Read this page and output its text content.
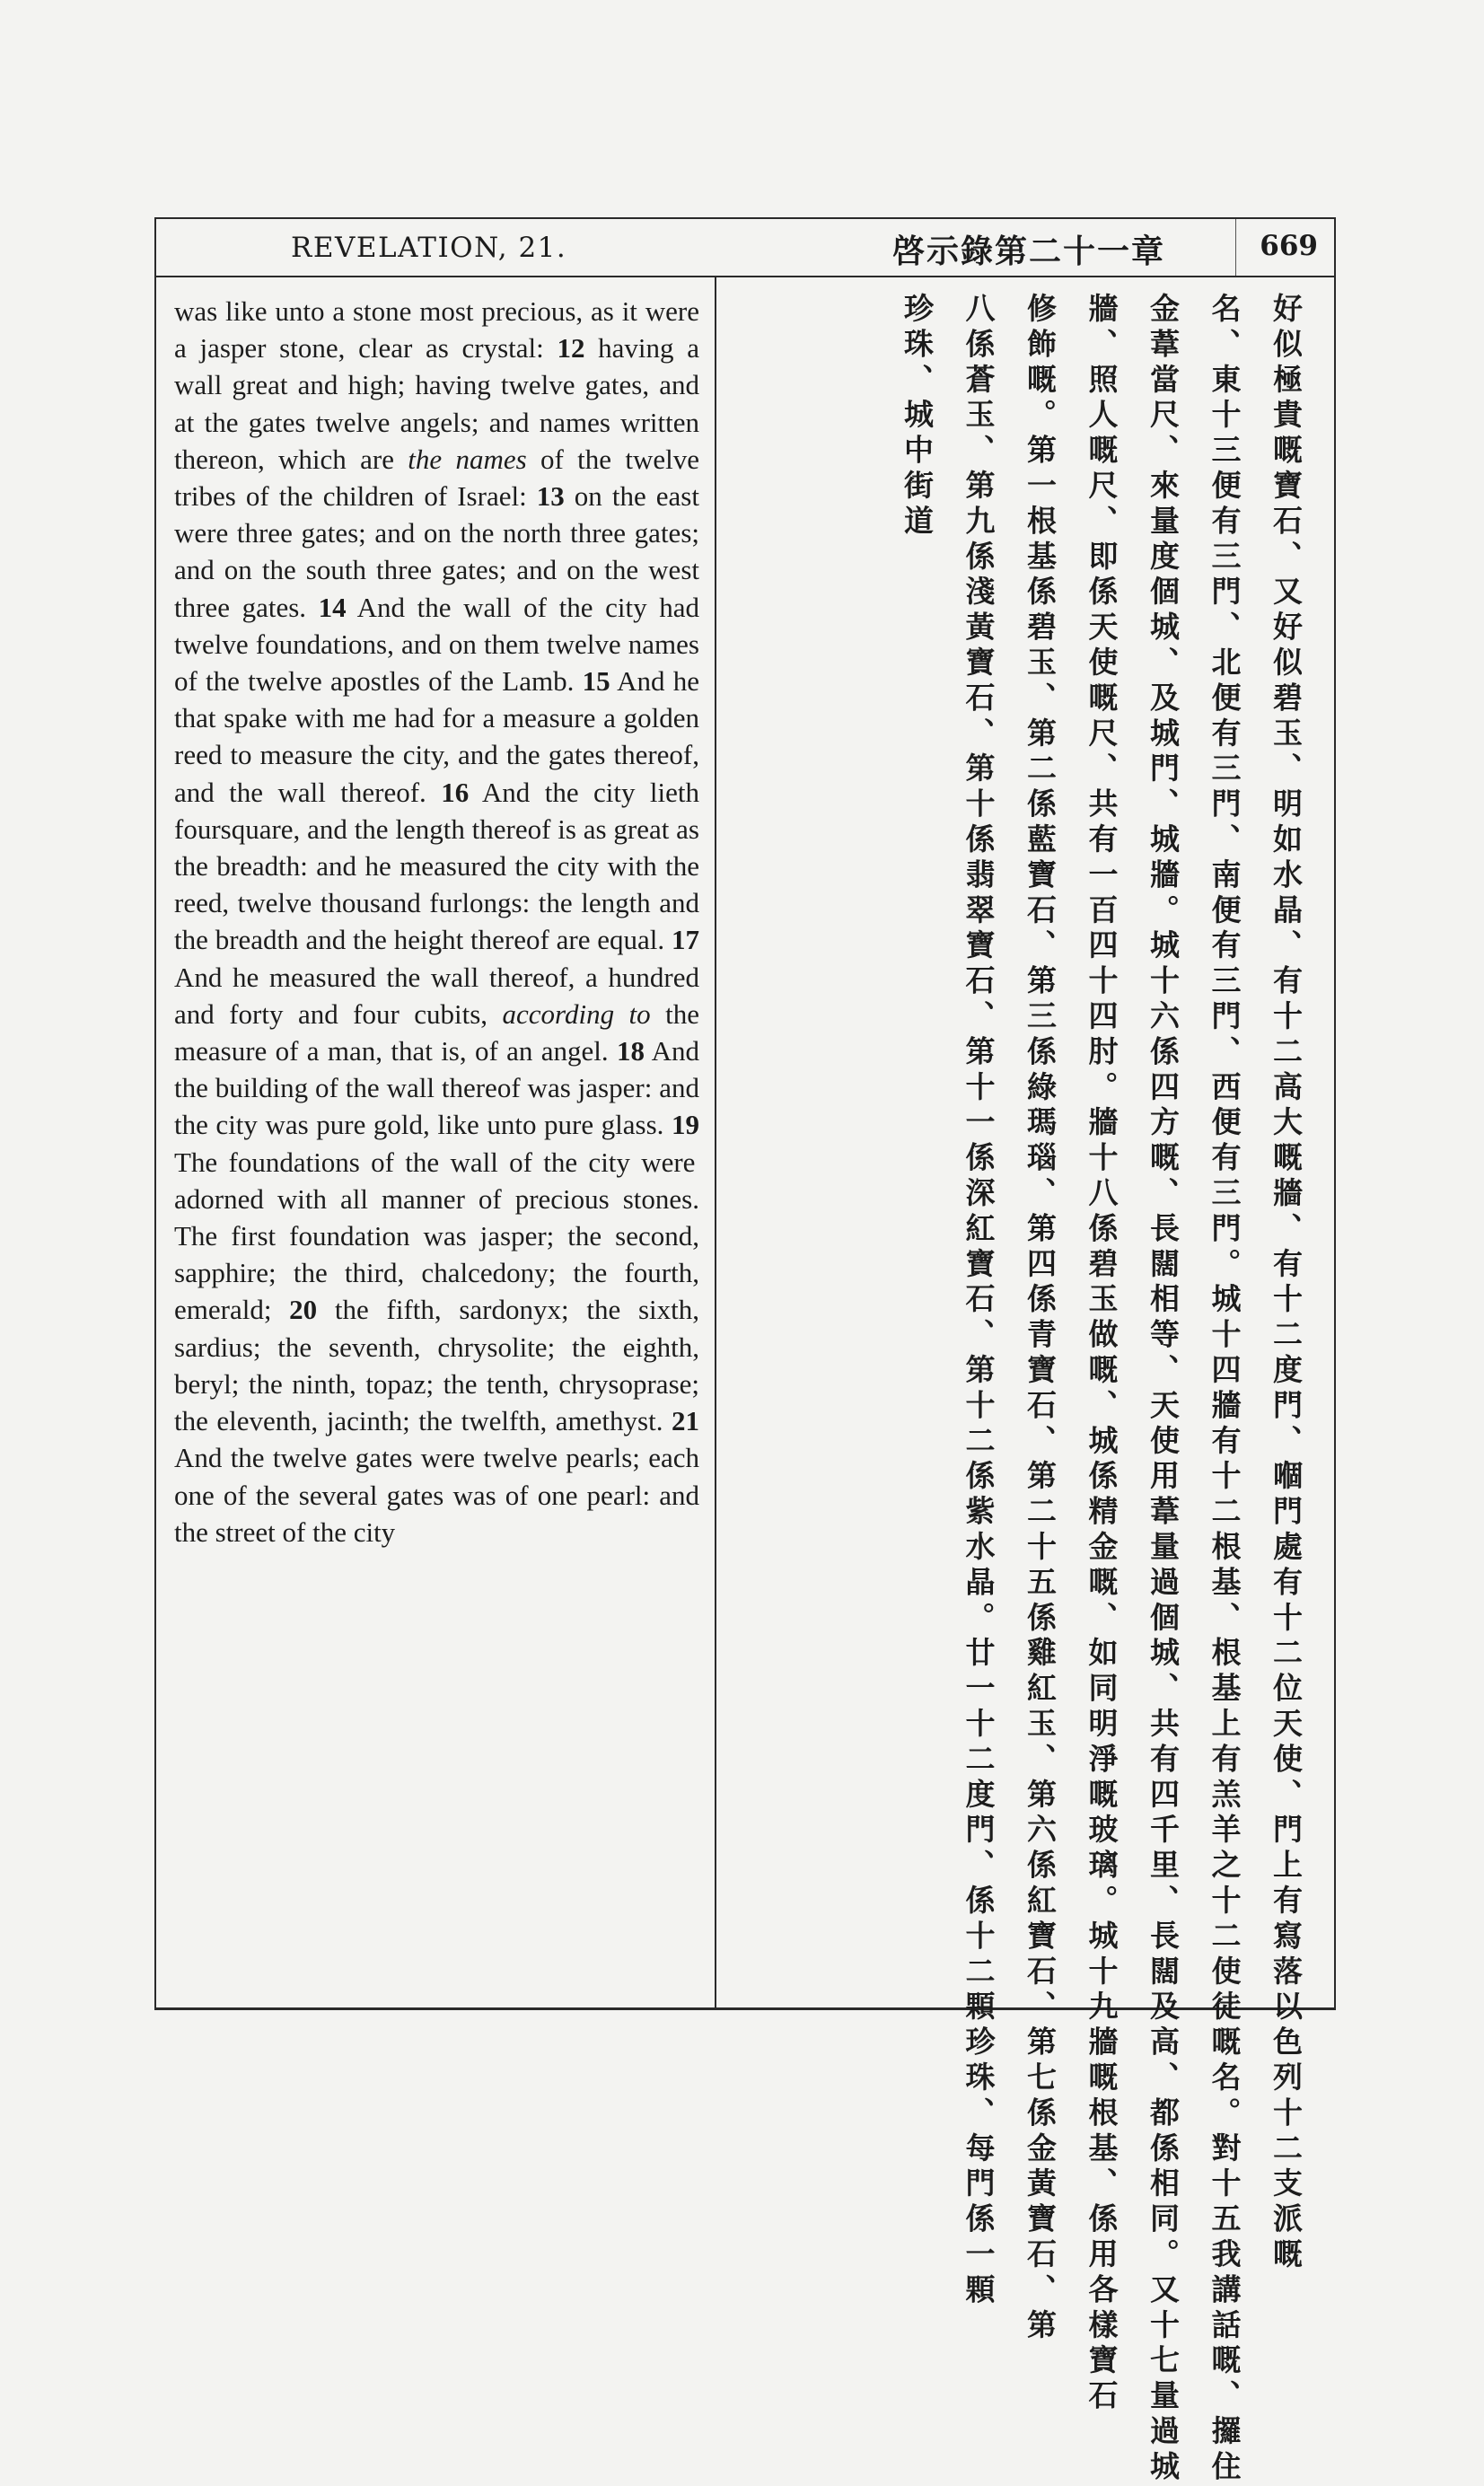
REVELATION, 21.	啓示錄第二十一章	669

was like unto a stone most precious, as it were a jasper stone, clear as crystal: 12 having a wall great and high; having twelve gates, and at the gates twelve angels; and names written thereon, which are the names of the twelve tribes of the children of Israel: 13 on the east were three gates; and on the north three gates; and on the south three gates; and on the west three gates. 14 And the wall of the city had twelve foundations, and on them twelve names of the twelve apostles of the Lamb. 15 And he that spake with me had for a measure a golden reed to measure the city, and the gates thereof, and the wall thereof. 16 And the city lieth foursquare, and the length thereof is as great as the breadth: and he measured the city with the reed, twelve thousand furlongs: the length and the breadth and the height thereof are equal. 17 And he measured the wall thereof, a hundred and forty and four cubits, according to the measure of a man, that is, of an angel. 18 And the building of the wall thereof was jasper: and the city was pure gold, like unto pure glass. 19 The foundations of the wall of the city were adorned with all manner of precious stones. The first foundation was jasper; the second, sapphire; the third, chalcedony; the fourth, emerald; 20 the fifth, sardonyx; the sixth, sardius; the seventh, chrysolite; the eighth, beryl; the ninth, topaz; the tenth, chrysoprase; the eleventh, jacinth; the twelfth, amethyst. 21 And the twelve gates were twelve pearls; each one of the several gates was of one pearl: and the street of the city	好似極貴嘅寶石、又好似碧玉、明如水晶、有十二高大嘅牆、有十二度門、嗰門處有十二位天使、門上有寫落以色列十二支派嘅
名、東十三便有三門、北便有三門、南便有三門、西便有三門。城十四牆有十二根基、根基上有羔羊之十二使徒嘅名。對十五我講話嘅、攞住
金葦當尺、來量度個城、及城門、城牆。城十六係四方嘅、長闊相等、天使用葦量過個城、共有四千里、長闊及高、都係相同。又十七量過城
牆、照人嘅尺、即係天使嘅尺、共有一百四十四肘。牆十八係碧玉做嘅、城係精金嘅、如同明淨嘅玻璃。城十九牆嘅根基、係用各樣寶石
修飾嘅。第一根基係碧玉、第二係藍寶石、第三係綠瑪瑙、第四係青寶石、第二十五係雞紅玉、第六係紅寶石、第七係金黃寶石、第
八係蒼玉、第九係淺黃寶石、第十係翡翠寶石、第十一係深紅寶石、第十二係紫水晶。廿一十二度門、係十二顆珍珠、每門係一顆
珍珠、城中街道
